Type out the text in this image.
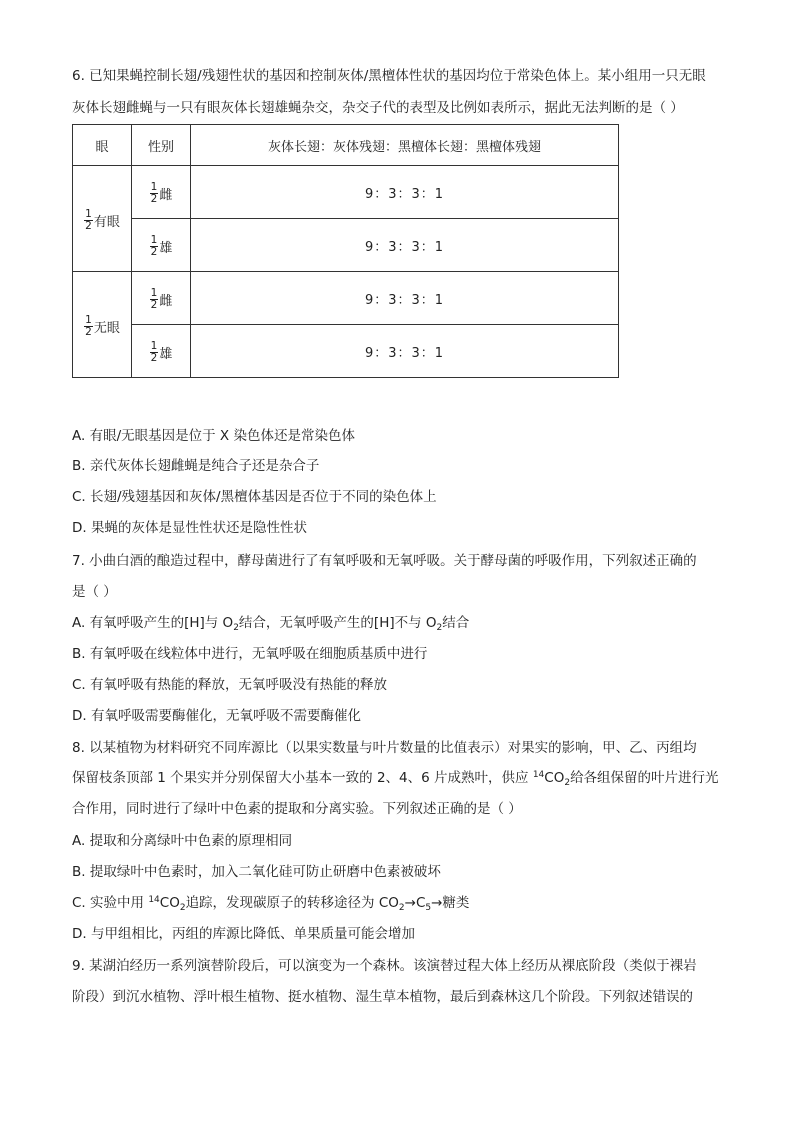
6. 已知果蝇控制长翅/残翅性状的基因和控制灰体/黑檀体性状的基因均位于常染色体上。某小组用一只无眼
灰体长翅雌蝇与一只有眼灰体长翅雄蝇杂交，杂交子代的表型及比例如表所示，据此无法判断的是（ ）
眼	性别	灰体长翅：灰体残翅：黑檀体长翅：黑檀体残翅

$\frac{1}{2}$ 有眼	$\frac{1}{2}$ 雌	9：3：3：1

	$\frac{1}{2}$ 雄	9：3：3：1

$\frac{1}{2}$ 无眼	$\frac{1}{2}$ 雌	9：3：3：1

	$\frac{1}{2}$ 雄	9：3：3：1
A. 有眼/无眼基因是位于 X 染色体还是常染色体
B. 亲代灰体长翅雌蝇是纯合子还是杂合子
C. 长翅/残翅基因和灰体/黑檀体基因是否位于不同的染色体上
D. 果蝇的灰体是显性性状还是隐性性状
7. 小曲白酒的酿造过程中，酵母菌进行了有氧呼吸和无氧呼吸。关于酵母菌的呼吸作用，下列叙述正确的
是（ ）
A. 有氧呼吸产生的[H]与 $O_2$结合，无氧呼吸产生的[H]不与 $O_2$结合
B. 有氧呼吸在线粒体中进行，无氧呼吸在细胞质基质中进行
C. 有氧呼吸有热能的释放，无氧呼吸没有热能的释放
D. 有氧呼吸需要酶催化，无氧呼吸不需要酶催化
8. 以某植物为材料研究不同库源比（以果实数量与叶片数量的比值表示）对果实的影响，甲、乙、丙组均
保留枝条顶部 1 个果实并分别保留大小基本一致的 2、4、6 片成熟叶，供应 $^{14}CO_2$给各组保留的叶片进行光
合作用，同时进行了绿叶中色素的提取和分离实验。下列叙述正确的是（ ）
A. 提取和分离绿叶中色素的原理相同
B. 提取绿叶中色素时，加入二氧化硅可防止研磨中色素被破坏
C. 实验中用 $^{14}CO_2$追踪，发现碳原子的转移途径为 $CO_2\to C_5\to$糖类
D. 与甲组相比，丙组的库源比降低、单果质量可能会增加
9. 某湖泊经历一系列演替阶段后，可以演变为一个森林。该演替过程大体上经历从裸底阶段（类似于裸岩
阶段）到沉水植物、浮叶根生植物、挺水植物、湿生草本植物，最后到森林这几个阶段。下列叙述错误的
